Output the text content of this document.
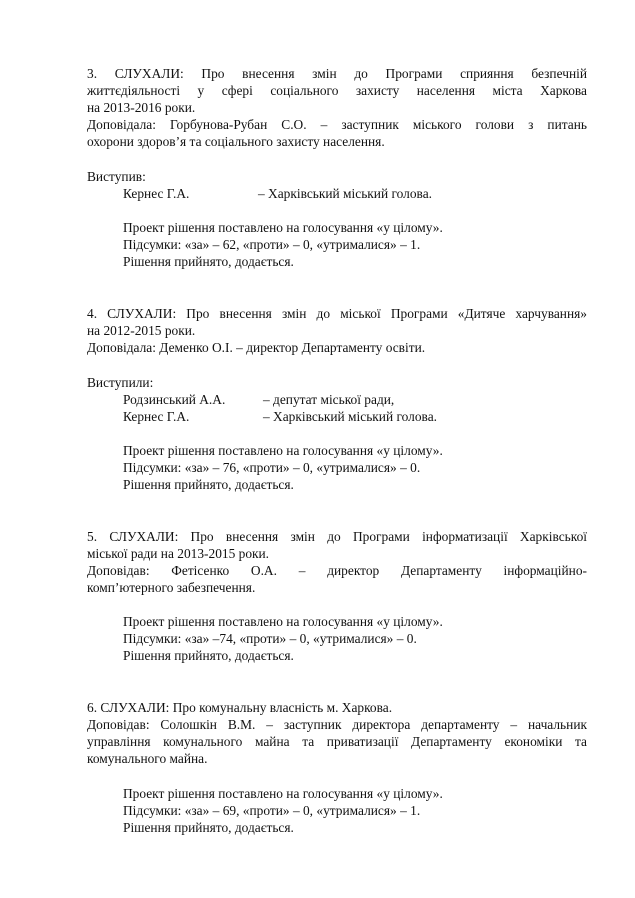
3. СЛУХАЛИ: Про внесення змін до Програми сприяння безпечній
життєдіяльності у сфері соціального захисту населення міста Харкова
на 2013-2016 роки.
Доповідала: Горбунова-Рубан С.О. – заступник міського голови з питань
охорони здоров’я та соціального захисту населення.
Виступив:
Кернес Г.А.	– Харківський міський голова.
Проект рішення поставлено на голосування «у цілому».
Підсумки: «за» – 62, «проти» – 0, «утрималися» – 1.
Рішення прийнято, додається.
4. СЛУХАЛИ: Про внесення змін до міської Програми «Дитяче харчування»
на 2012-2015 роки.
Доповідала: Деменко О.І. – директор Департаменту освіти.
Виступили:
Родзинський А.А.	– депутат міської ради,
Кернес Г.А.	– Харківський міський голова.
Проект рішення поставлено на голосування «у цілому».
Підсумки: «за» – 76, «проти» – 0, «утрималися» – 0.
Рішення прийнято, додається.
5. СЛУХАЛИ: Про внесення змін до Програми інформатизації Харківської
міської ради на 2013-2015 роки.
Доповідав: Фетісенко О.А. – директор Департаменту інформаційно-
комп’ютерного забезпечення.
Проект рішення поставлено на голосування «у цілому».
Підсумки: «за» –74, «проти» – 0, «утрималися» – 0.
Рішення прийнято, додається.
6. СЛУХАЛИ: Про комунальну власність м. Харкова.
Доповідав: Солошкін В.М. – заступник директора департаменту – начальник
управління комунального майна та приватизації Департаменту економіки та
комунального майна.
Проект рішення поставлено на голосування «у цілому».
Підсумки: «за» – 69, «проти» – 0, «утрималися» – 1.
Рішення прийнято, додається.
